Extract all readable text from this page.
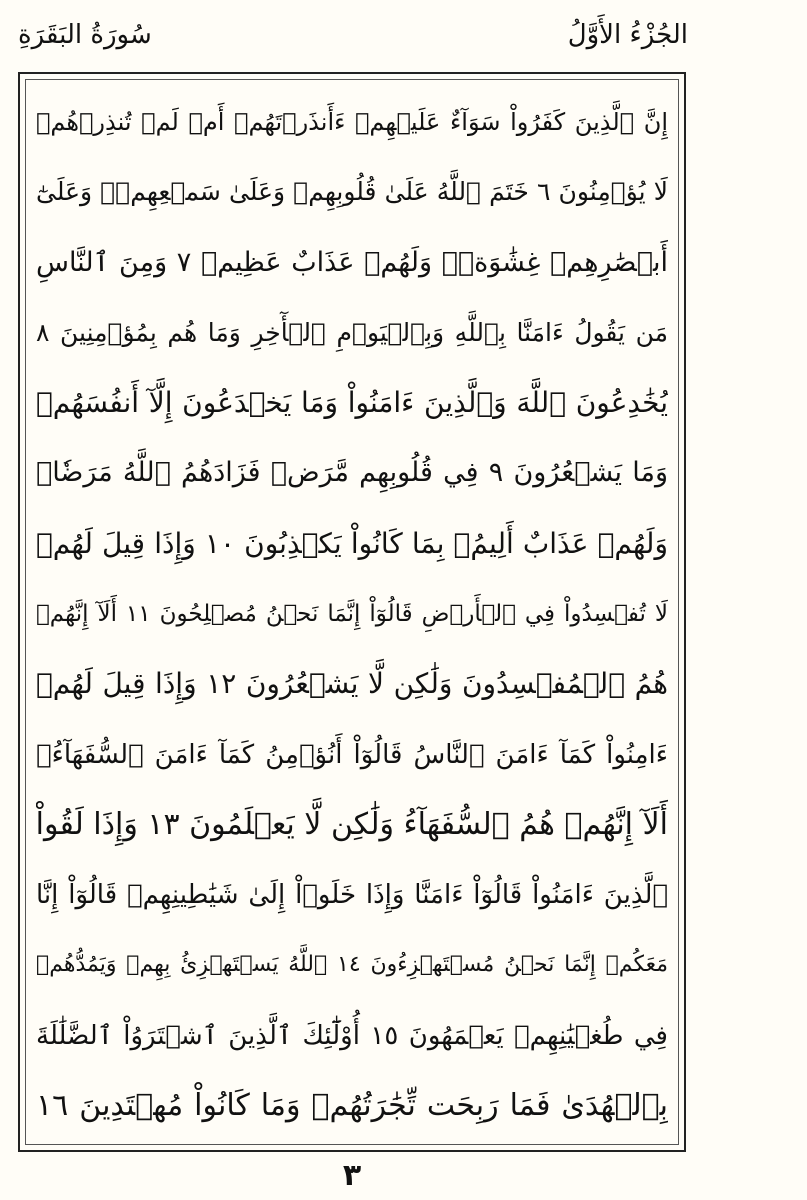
الجُزْءُ الأَوَّلُ
سُورَةُ البَقَرَةِ
إِنَّ ٱلَّذِينَ كَفَرُواْ سَوَآءٌ عَلَيۡهِمۡ ءَأَنذَرۡتَهُمۡ أَمۡ لَمۡ تُنذِرۡهُمۡ
لَا يُؤۡمِنُونَ ٦ خَتَمَ ٱللَّهُ عَلَىٰ قُلُوبِهِمۡ وَعَلَىٰ سَمۡعِهِمۡۖ وَعَلَىٰٓ
أَبۡصَٰرِهِمۡ غِشَٰوَةٞۖ وَلَهُمۡ عَذَابٌ عَظِيمٞ ٧ وَمِنَ ٱلنَّاسِ
مَن يَقُولُ ءَامَنَّا بِٱللَّهِ وَبِٱلۡيَوۡمِ ٱلۡأٓخِرِ وَمَا هُم بِمُؤۡمِنِينَ ٨
يُخَٰدِعُونَ ٱللَّهَ وَٱلَّذِينَ ءَامَنُواْ وَمَا يَخۡدَعُونَ إِلَّآ أَنفُسَهُمۡ
وَمَا يَشۡعُرُونَ ٩ فِي قُلُوبِهِم مَّرَضٞ فَزَادَهُمُ ٱللَّهُ مَرَضٗاۖ
وَلَهُمۡ عَذَابٌ أَلِيمُۢ بِمَا كَانُواْ يَكۡذِبُونَ ١٠ وَإِذَا قِيلَ لَهُمۡ
لَا تُفۡسِدُواْ فِي ٱلۡأَرۡضِ قَالُوٓاْ إِنَّمَا نَحۡنُ مُصۡلِحُونَ ١١ أَلَآ إِنَّهُمۡ
هُمُ ٱلۡمُفۡسِدُونَ وَلَٰكِن لَّا يَشۡعُرُونَ ١٢ وَإِذَا قِيلَ لَهُمۡ
ءَامِنُواْ كَمَآ ءَامَنَ ٱلنَّاسُ قَالُوٓاْ أَنُؤۡمِنُ كَمَآ ءَامَنَ ٱلسُّفَهَآءُۗ
أَلَآ إِنَّهُمۡ هُمُ ٱلسُّفَهَآءُ وَلَٰكِن لَّا يَعۡلَمُونَ ١٣ وَإِذَا لَقُواْ
ٱلَّذِينَ ءَامَنُواْ قَالُوٓاْ ءَامَنَّا وَإِذَا خَلَوۡاْ إِلَىٰ شَيَٰطِينِهِمۡ قَالُوٓاْ إِنَّا
مَعَكُمۡ إِنَّمَا نَحۡنُ مُسۡتَهۡزِءُونَ ١٤ ٱللَّهُ يَسۡتَهۡزِئُ بِهِمۡ وَيَمُدُّهُمۡ
فِي طُغۡيَٰنِهِمۡ يَعۡمَهُونَ ١٥ أُوْلَٰٓئِكَ ٱلَّذِينَ ٱشۡتَرَوُاْ ٱلضَّلَٰلَةَ
بِٱلۡهُدَىٰ فَمَا رَبِحَت تِّجَٰرَتُهُمۡ وَمَا كَانُواْ مُهۡتَدِينَ ١٦
٣
